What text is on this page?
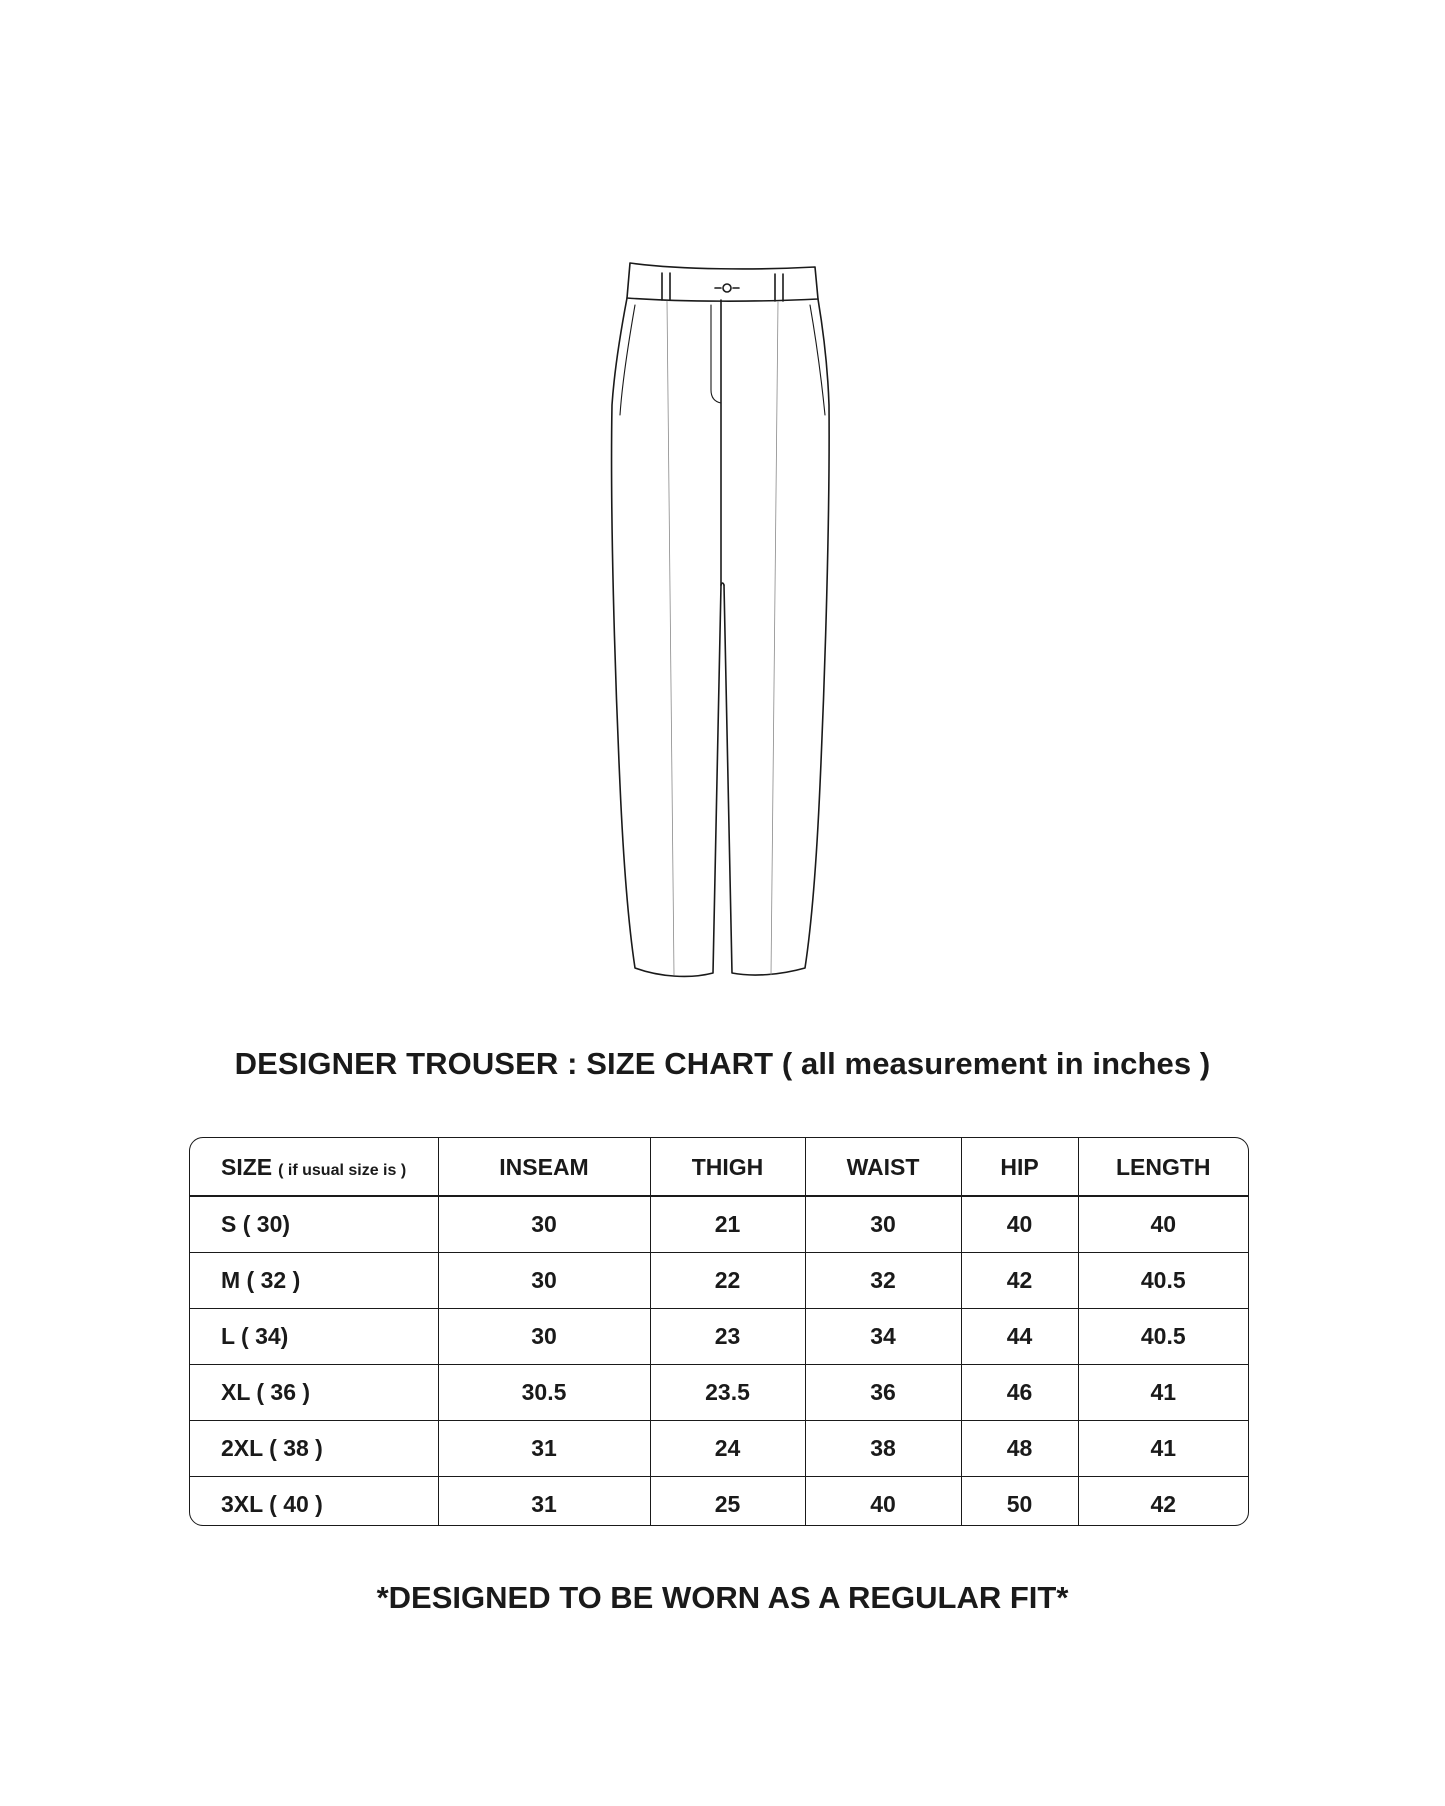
DESIGNER TROUSER : SIZE CHART ( all measurement in inches )
SIZE ( if usual size is )	INSEAM	THIGH	WAIST	HIP	LENGTH
S ( 30)	30	21	30	40	40
M ( 32 )	30	22	32	42	40.5
L ( 34)	30	23	34	44	40.5
XL ( 36 )	30.5	23.5	36	46	41
2XL ( 38 )	31	24	38	48	41
3XL ( 40 )	31	25	40	50	42
*DESIGNED TO BE WORN AS A REGULAR FIT*
